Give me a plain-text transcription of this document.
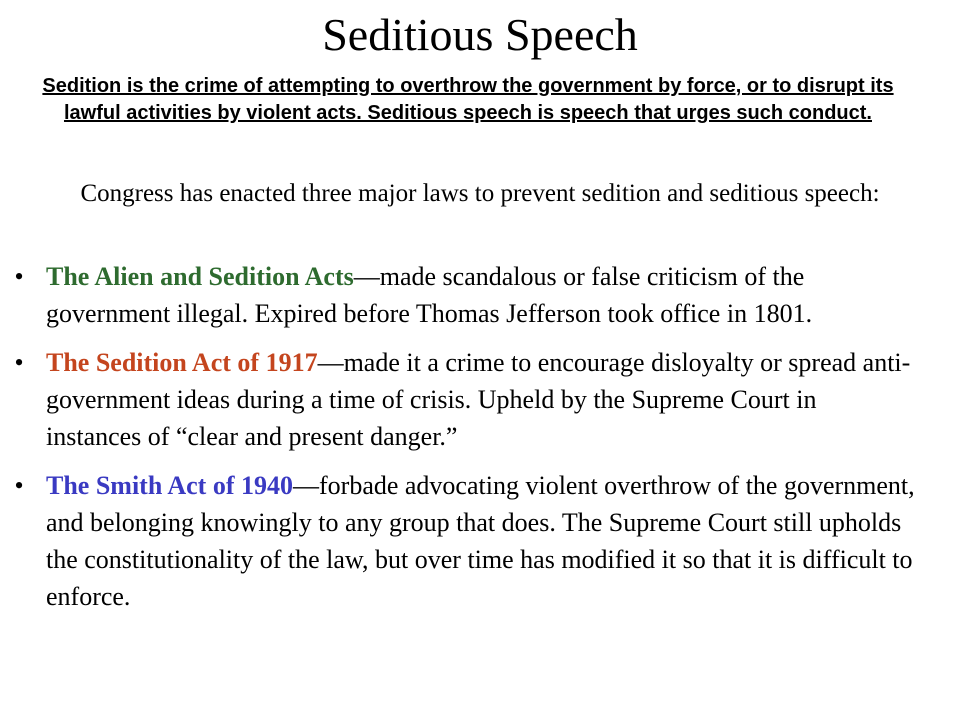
Seditious Speech

Sedition is the crime of attempting to overthrow the government by force, or to disrupt its lawful activities by violent acts. Seditious speech is speech that urges such conduct.

Congress has enacted three major laws to prevent sedition and seditious speech:

• The Alien and Sedition Acts—made scandalous or false criticism of the government illegal. Expired before Thomas Jefferson took office in 1801.
• The Sedition Act of 1917—made it a crime to encourage disloyalty or spread anti-government ideas during a time of crisis. Upheld by the Supreme Court in instances of “clear and present danger.”
• The Smith Act of 1940—forbade advocating violent overthrow of the government, and belonging knowingly to any group that does. The Supreme Court still upholds the constitutionality of the law, but over time has modified it so that it is difficult to enforce.
